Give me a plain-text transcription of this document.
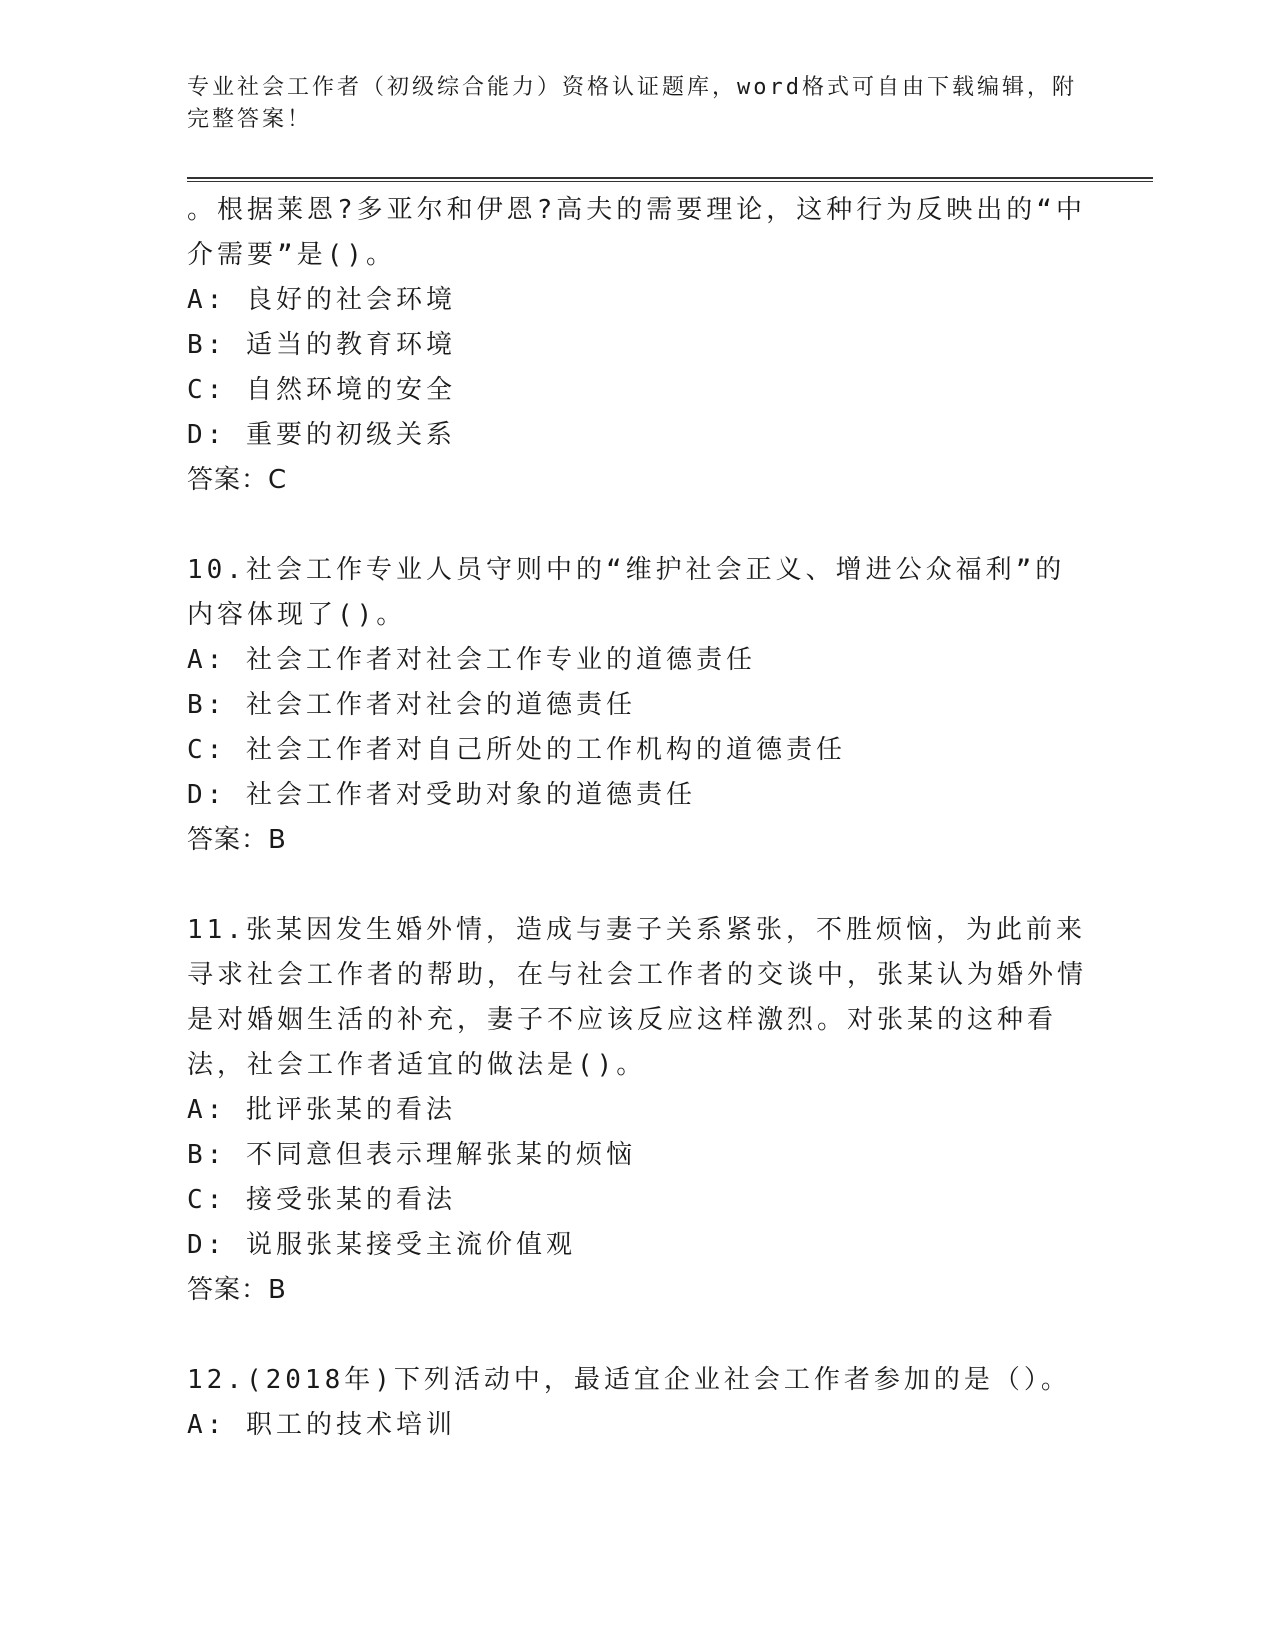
专业社会工作者（初级综合能力）资格认证题库，word格式可自由下载编辑，附完整答案！
。根据莱恩?多亚尔和伊恩?高夫的需要理论，这种行为反映出的“中介需要”是()。
A: 良好的社会环境
B: 适当的教育环境
C: 自然环境的安全
D: 重要的初级关系
答案：C
10.社会工作专业人员守则中的“维护社会正义、增进公众福利”的内容体现了()。
A: 社会工作者对社会工作专业的道德责任
B: 社会工作者对社会的道德责任
C: 社会工作者对自己所处的工作机构的道德责任
D: 社会工作者对受助对象的道德责任
答案：B
11.张某因发生婚外情，造成与妻子关系紧张，不胜烦恼，为此前来寻求社会工作者的帮助，在与社会工作者的交谈中，张某认为婚外情是对婚姻生活的补充，妻子不应该反应这样激烈。对张某的这种看法，社会工作者适宜的做法是()。
A: 批评张某的看法
B: 不同意但表示理解张某的烦恼
C: 接受张某的看法
D: 说服张某接受主流价值观
答案：B
12.(2018年)下列活动中，最适宜企业社会工作者参加的是（）。
A: 职工的技术培训
